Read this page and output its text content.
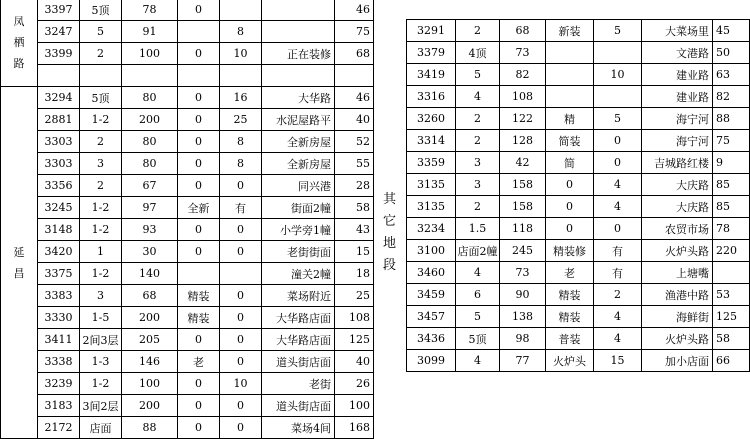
凤
栖
路	3397	5顶	78	0			46
	3247	5	91		8		75
	3399	2	100	0	10	正在装修	68

延
昌	3294	5顶	80	0	16	大华路	46
	2881	1-2	200	0	25	水泥屋路平	40
	3303	2	80	0	8	全新房屋	52
	3303	3	80	0	8	全新房屋	55
	3356	2	67	0	0	同兴港	28
	3245	1-2	97	全新	有	街面2幢	58
	3148	1-2	93	0	0	小学旁1幢	43
	3420	1	30	0	0	老街街面	15
	3375	1-2	140			潼关2幢	18
	3383	3	68	精装	0	菜场附近	25
	3330	1-5	200	精装	0	大华路店面	108
	3411	2间3层	205	0	0	大华路店面	125
	3338	1-3	146	老	0	道头街店面	40
	3239	1-2	100	0	10	老街	26
	3183	3间2层	200	0	0	道头街店面	100
	2172	店面	88	0	0	菜场4间	168
其
它
地
段
3291	2	68	新装	5	大菜场里	45
3379	4顶	73			文港路	50
3419	5	82		10	建业路	63
3316	4	108			建业路	82
3260	2	122	精	5	海宁河	88
3314	2	128	简装	0	海宁河	75
3359	3	42	简	0	吉城路红楼	9
3135	3	158	0	4	大庆路	85
3135	2	158	0	4	大庆路	85
3234	1.5	118	0	0	农贸市场	78
3100	店面2幢	245	精装修	有	火炉头路	220
3460	4	73	老	有	上塘嘴	
3459	6	90	精装	2	渔港中路	53
3457	5	138	精装	4	海鲜街	125
3436	5顶	98	普装	4	火炉头路	58
3099	4	77	火炉头	15	加小店面	66
